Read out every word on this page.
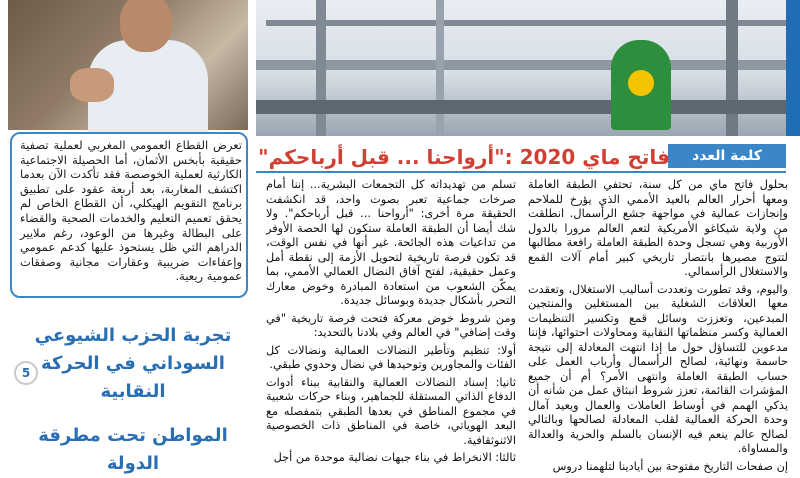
تعرض القطاع العمومي المغربي لعملية تصفية حقيقية بأبخس الأثمان، أما الحصيلة الاجتماعية الكارثية لعملية الخوصصة فقد تأكدت الآن بعدما اكتشف المغاربة، بعد أربعة عقود على تطبيق برنامج التقويم الهيكلي، أن القطاع الخاص لم يحقق تعميم التعليم والخدمات الصحية والقضاء على البطالة وغيرها من الوعود، رغم ملايير الدراهم التي ظل يستحوذ عليها كدعم عمومي وإعفاءات ضريبية وعقارات مجانية وصفقات عمومية ريعية.
5
تجربة الحزب الشيوعي السوداني في الحركة النقابية
المواطن تحت مطرقة الدولة
كلمة العدد
فاتح ماي 2020 :"أرواحنا ... قبل أرباحكم"

بحلول فاتح ماي من كل سنة، تحتفي الطبقة العاملة ومعها أحرار العالم بالعيد الأممي الذي يؤرخ للملاحم وإنجازات عمالية في مواجهة جشع الرأسمال. انطلقت من ولاية شيكاغو الأمريكية لتعم العالم مرورا بالدول الأوربية وهي تسجل وحدة الطبقة العاملة رافعة مطالبها لتتوج مصيرها بانتصار تاريخي كبير أمام آلات القمع والاستغلال الرأسمالي.

واليوم، وقد تطورت وتعددت أساليب الاستغلال، وتعقدت معها العلاقات الشغلية بين المستغلين والمنتجين المبدعين، وتعززت وسائل قمع وتكسير التنظيمات العمالية وكسر منظماتها النقابية ومحاولات احتوائها، فإننا مدعوين للتساؤل حول ما إذا انتهت المعادلة إلى نتيجة حاسمة ونهائية، لصالح الرأسمال وأرباب العمل على حساب الطبقة العاملة وانتهى الأمر؟ أم أن جميع المؤشرات القائمة، تعزز شروط انبثاق عمل من شأنه أن يذكي الهمم في أوساط العاملات والعمال ويعيد آمال وحدة الحركة العمالية لقلب المعادلة لصالحها وبالتالي لصالح عالم ينعم فيه الإنسان بالسلم والحرية والعدالة والمساواة.

إن صفحات التاريخ مفتوحة بين أيادينا لتلهمنا دروس

تسلم من تهديداته كل التجمعات البشرية... إننا أمام صرخات جماعية تعبر بصوت واحد، قد انكشفت الحقيقة مرة أخرى: "أرواحنا ... قبل أرباحكم". ولا شك أيضا أن الطبقة العاملة ستكون لها الحصة الأوفر من تداعيات هذه الجائحة. غير أنها في نفس الوقت، قد تكون فرصة تاريخية لتحويل الأزمة إلى نقطة أمل وعمل حقيقية، لفتح آفاق النضال العمالي الأممي، بما يمكّن الشعوب من استعادة المبادرة وخوض معارك التحرر بأشكال جديدة وبوسائل جديدة.

ومن شروط خوض معركة فتحت فرصة تاريخية "في وقت إضافي" في العالم وفي بلادنا بالتحديد:

أولا: تنظيم وتأطير النضالات العمالية ونضالات كل الفئات والمجاورين وتوحيدها في نضال وحدوي طبقي.

ثانيا: إسناد النضالات العمالية والنقابية ببناء أدوات الدفاع الذاتي المستقلة للجماهير، وبناء حركات شعبية في مجموع المناطق في بعدها الطبقي بتمفصله مع البعد الهوياتي، خاصة في المناطق ذات الخصوصية الاثنوثقافية.

ثالثا: الانخراط في بناء جبهات نضالية موحدة من أجل
